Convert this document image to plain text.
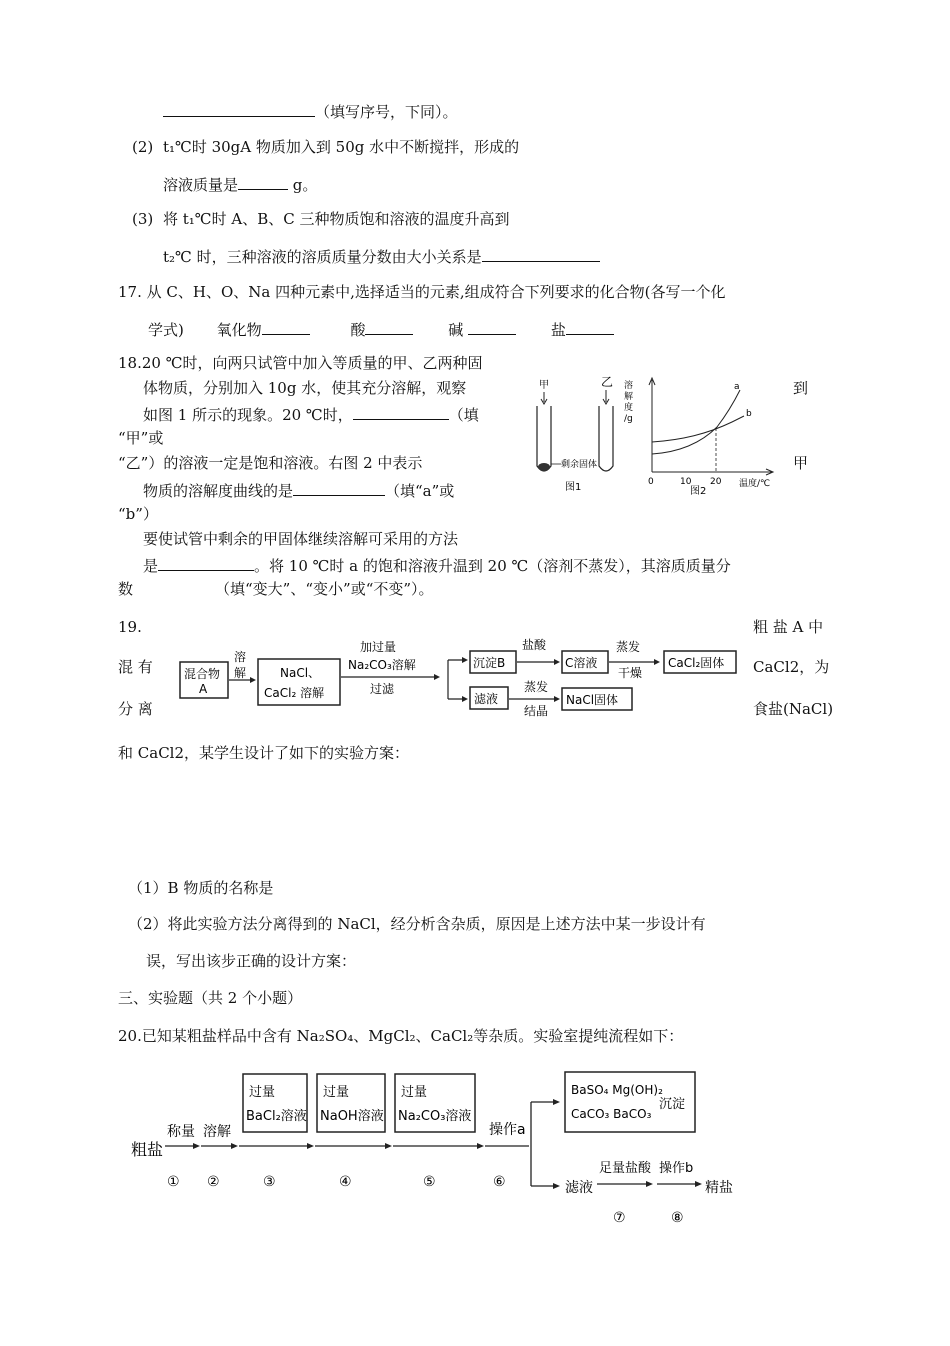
（填写序号，下同）。
(2) t₁℃时 30gA 物质加入到 50g 水中不断搅拌，形成的
溶液质量是	g。
(3) 将 t₁℃时 A、B、C 三种物质饱和溶液的温度升高到
t₂℃ 时，三种溶液的溶质质量分数由大小关系是
17. 从 C、H、O、Na 四种元素中,选择适当的元素,组成符合下列要求的化合物(各写一个化
学式) 氧化物	酸	碱	盐
18.20 ℃时，向两只试管中加入等质量的甲、乙两种固
体物质，分别加入 10g 水，使其充分溶解，观察
如图 1 所示的现象。20 ℃时，	（填
到
“甲”或
“乙”）的溶液一定是饱和溶液。右图 2 中表示	甲
物质的溶解度曲线的是	（填“a”或
“b”）
要使试管中剩余的甲固体继续溶解可采用的方法
是	。将 10 ℃时 a 的饱和溶液升温到 20 ℃（溶剂不蒸发），其溶质质量分
数	（填“变大”、“变小”或“不变”）。
甲	乙
剩余固体
图1
溶
解
度
/g
a
b
0	10 20 温度/℃
图2
19.	粗 盐 A 中
混 有	CaCl2，为
分 离	食盐(NaCl)
混合物
A
溶
解	NaCl、
CaCl₂ 溶解
加过量
Na₂CO₃溶解
过滤
沉淀B
盐酸
C溶液
蒸发
干燥
CaCl₂固体
滤液
蒸发
结晶
NaCl固体
和 CaCl2，某学生设计了如下的实验方案：
（1）B 物质的名称是
（2）将此实验方法分离得到的 NaCl，经分析含杂质，原因是上述方法中某一步设计有
误，写出该步正确的设计方案：
三、实验题（共 2 个小题）
20.已知某粗盐样品中含有 Na₂SO₄、MgCl₂、CaCl₂等杂质。实验室提纯流程如下：
粗盐
称量 溶解
过量
BaCl₂溶液
过量
NaOH溶液
过量
Na₂CO₃溶液
操作a
BaSO₄ Mg(OH)₂
CaCO₃ BaCO₃
沉淀
滤液
足量盐酸 操作b
精盐
① ②	③	④	⑤	⑥
⑦	⑧
